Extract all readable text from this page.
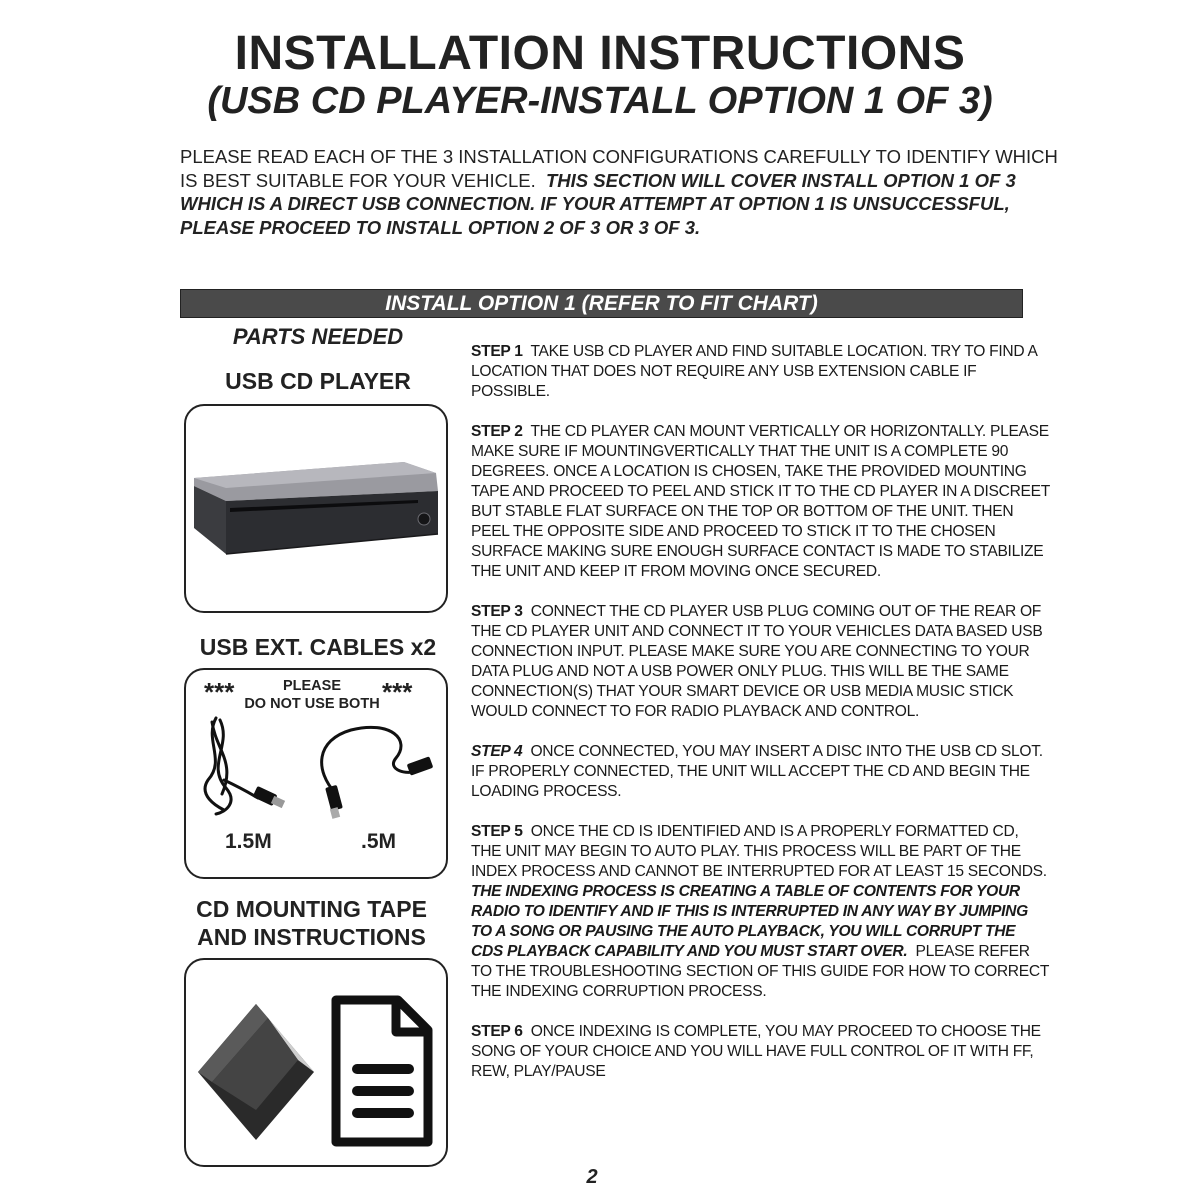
INSTALLATION INSTRUCTIONS
(USB CD PLAYER-INSTALL OPTION 1 OF 3)
PLEASE READ EACH OF THE 3 INSTALLATION CONFIGURATIONS CAREFULLY TO IDENTIFY WHICH IS BEST SUITABLE FOR YOUR VEHICLE. THIS SECTION WILL COVER INSTALL OPTION 1 OF 3 WHICH IS A DIRECT USB CONNECTION. IF YOUR ATTEMPT AT OPTION 1 IS UNSUCCESSFUL, PLEASE PROCEED TO INSTALL OPTION 2 OF 3 OR 3 OF 3.
INSTALL OPTION 1 (REFER TO FIT CHART)
PARTS NEEDED
USB CD PLAYER
USB EXT. CABLES x2
***	***
PLEASE
DO NOT USE BOTH
1.5M	.5M
CD MOUNTING TAPE
AND INSTRUCTIONS

STEP 1 TAKE USB CD PLAYER AND FIND SUITABLE LOCATION. TRY TO FIND A LOCATION THAT DOES NOT REQUIRE ANY USB EXTENSION CABLE IF POSSIBLE.

STEP 2 THE CD PLAYER CAN MOUNT VERTICALLY OR HORIZONTALLY. PLEASE MAKE SURE IF MOUNTINGVERTICALLY THAT THE UNIT IS A COMPLETE 90 DEGREES. ONCE A LOCATION IS CHOSEN, TAKE THE PROVIDED MOUNTING TAPE AND PROCEED TO PEEL AND STICK IT TO THE CD PLAYER IN A DISCREET BUT STABLE FLAT SURFACE ON THE TOP OR BOTTOM OF THE UNIT. THEN PEEL THE OPPOSITE SIDE AND PROCEED TO STICK IT TO THE CHOSEN SURFACE MAKING SURE ENOUGH SURFACE CONTACT IS MADE TO STABILIZE THE UNIT AND KEEP IT FROM MOVING ONCE SECURED.

STEP 3 CONNECT THE CD PLAYER USB PLUG COMING OUT OF THE REAR OF THE CD PLAYER UNIT AND CONNECT IT TO YOUR VEHICLES DATA BASED USB CONNECTION INPUT. PLEASE MAKE SURE YOU ARE CONNECTING TO YOUR DATA PLUG AND NOT A USB POWER ONLY PLUG. THIS WILL BE THE SAME CONNECTION(S) THAT YOUR SMART DEVICE OR USB MEDIA MUSIC STICK WOULD CONNECT TO FOR RADIO PLAYBACK AND CONTROL.

STEP 4 ONCE CONNECTED, YOU MAY INSERT A DISC INTO THE USB CD SLOT. IF PROPERLY CONNECTED, THE UNIT WILL ACCEPT THE CD AND BEGIN THE LOADING PROCESS.

STEP 5 ONCE THE CD IS IDENTIFIED AND IS A PROPERLY FORMATTED CD, THE UNIT MAY BEGIN TO AUTO PLAY. THIS PROCESS WILL BE PART OF THE INDEX PROCESS AND CANNOT BE INTERRUPTED FOR AT LEAST 15 SECONDS. THE INDEXING PROCESS IS CREATING A TABLE OF CONTENTS FOR YOUR RADIO TO IDENTIFY AND IF THIS IS INTERRUPTED IN ANY WAY BY JUMPING TO A SONG OR PAUSING THE AUTO PLAYBACK, YOU WILL CORRUPT THE CDS PLAYBACK CAPABILITY AND YOU MUST START OVER. PLEASE REFER TO THE TROUBLESHOOTING SECTION OF THIS GUIDE FOR HOW TO CORRECT THE INDEXING CORRUPTION PROCESS.

STEP 6 ONCE INDEXING IS COMPLETE, YOU MAY PROCEED TO CHOOSE THE SONG OF YOUR CHOICE AND YOU WILL HAVE FULL CONTROL OF IT WITH FF, REW, PLAY/PAUSE

2
